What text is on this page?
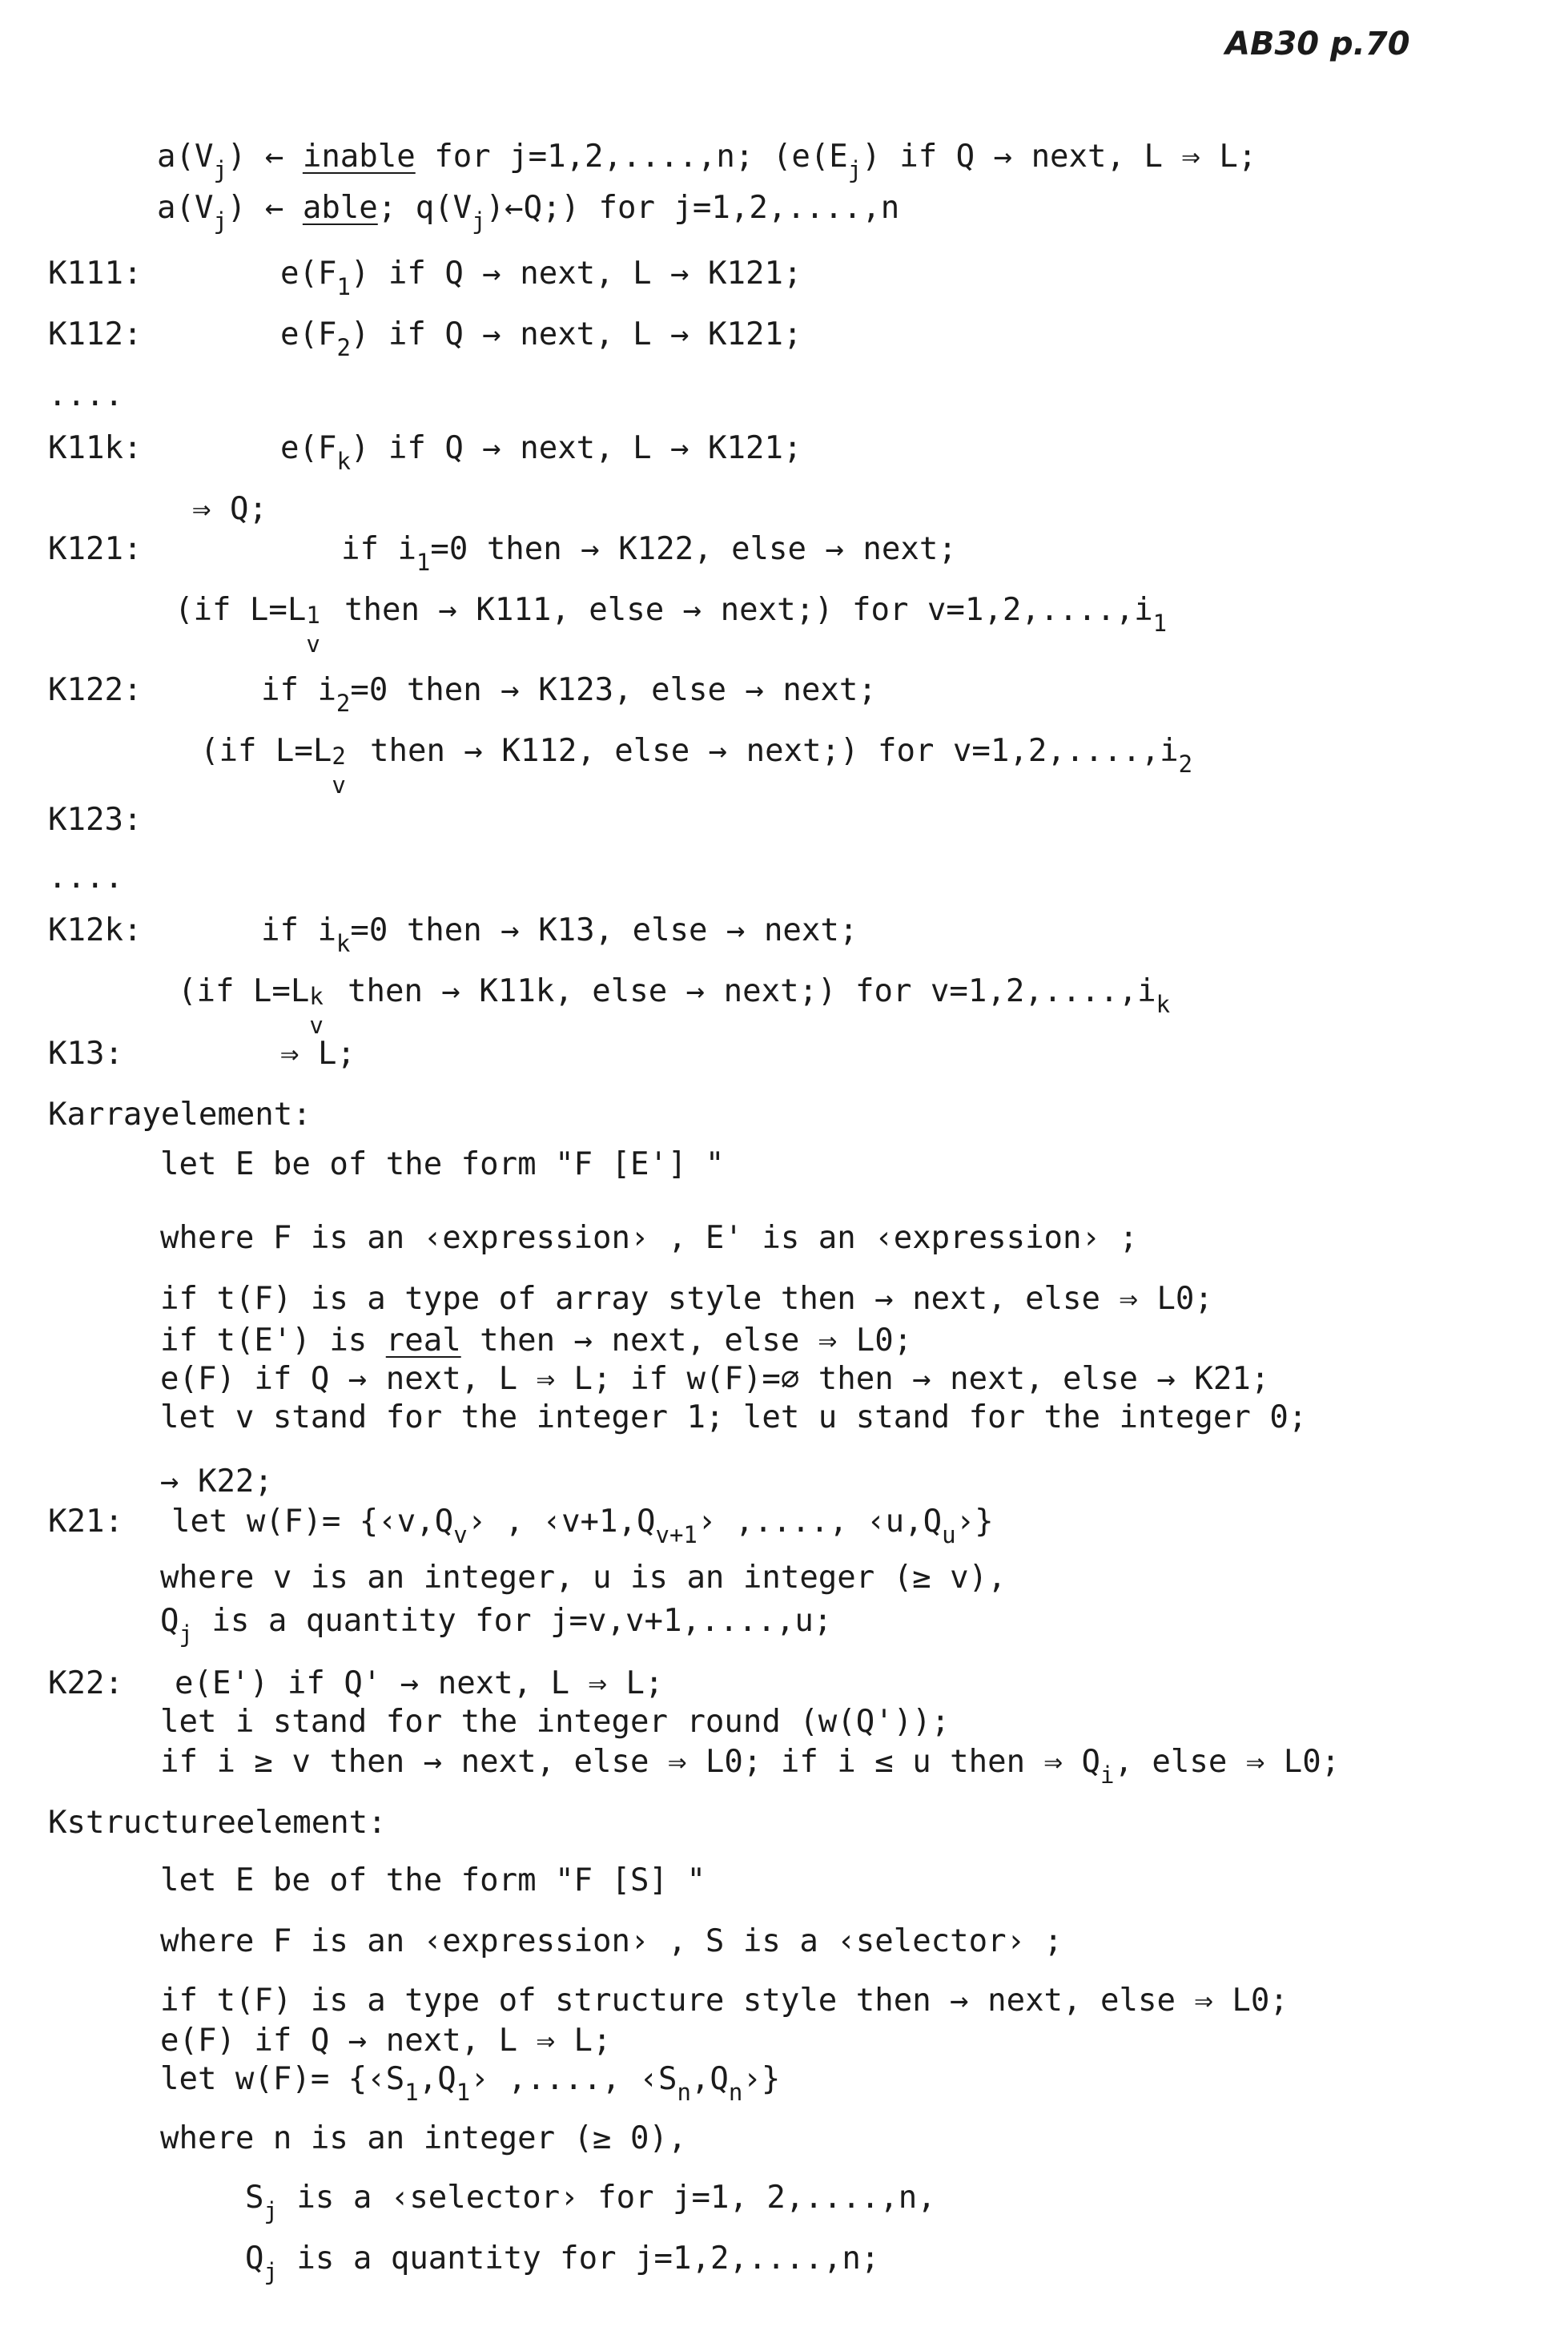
AB30 p.70
$a(V_j)$ ← inable for j=1,2,....,n; ($e(E_j)$ if Q → next, L ⇒ L;
$a(V_j)$ ← able; $q(V_j)\leftarrow Q$;) for j=1,2,....,n
K111:	$e(F_1)$ if Q → next, L → K121;
K112:	$e(F_2)$ if Q → next, L → K121;
....
K11k:	$e(F_k)$ if Q → next, L → K121;
⇒ Q;
K121:	if $i_1=0$ then → K122, else → next;
(if L=L 1
v
then → K111, else → next;) for $v=1,2,....,i_1$
K122:	if $i_2=0$ then → K123, else → next;
(if L=L 2
v
then → K112, else → next;) for $v=1,2,....,i_2$
K123:
....
K12k:	if $i_k=0$ then → K13, else → next;
(if L=L k
v
then → K11k, else → next;) for $v=1,2,....,i_k$
K13:	⇒ L;
Karrayelement:
let E be of the form "F [E'] "
where F is an ‹expression› , E' is an ‹expression› ;
if t(F) is a type of array style then → next, else ⇒ L0;
if t(E') is real then → next, else ⇒ L0;
e(F) if Q → next, L ⇒ L; if w(F)=∅ then → next, else → K21;
let v stand for the integer 1; let u stand for the integer 0;
→ K22;
K21: let $w(F)= \{‹v,Q_v›$ , $‹v+1,Q_{v+1}›$ ,...., $‹u,Q_u›$}
where v is an integer, u is an integer (≥ v),
$Q_j$ is a quantity for j=v,v+1,....,u;
K22: e(E') if Q' → next, L ⇒ L;
let i stand for the integer round (w(Q'));
if i ≥ v then → next, else ⇒ L0; if i ≤ u then ⇒ $Q_i$, else ⇒ L0;
Kstructureelement:
let E be of the form "F [S] "
where F is an ‹expression› , S is a ‹selector› ;
if t(F) is a type of structure style then → next, else ⇒ L0;
e(F) if Q → next, L ⇒ L;
let $w(F)= \{‹S_1,Q_1›$ ,...., $‹S_n,Q_n›$}
where n is an integer (≥ 0),
$S_j$ is a ‹selector› for j=1, 2,....,n,
$Q_j$ is a quantity for j=1,2,....,n;
